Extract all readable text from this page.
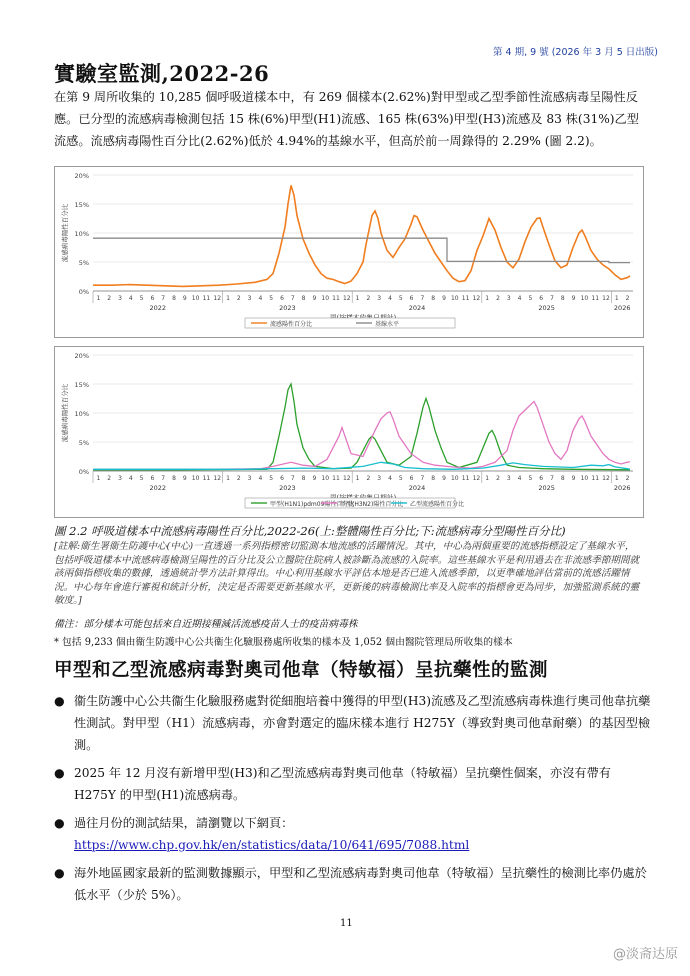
第 4 期, 9 號 (2026 年 3 月 5 日出版)
實驗室監測,2022-26
在第 9 周所收集的 10,285 個呼吸道樣本中，有 269 個樣本(2.62%)對甲型或乙型季節性流感病毒呈陽性反應。已分型的流感病毒檢測包括 15 株(6%)甲型(H1)流感、165 株(63%)甲型(H3)流感及 83 株(31%)乙型流感。流感病毒陽性百分比(2.62%)低於 4.94%的基線水平，但高於前一周錄得的 2.29% (圖 2.2)。
0%
5%
10%
15%
20%
流感病毒陽性百分比
1 2 3 4 5 6 7 8 9 10 11 12 1 2 3 4 5 6 7 8 9 10 11 12 1 2 3 4 5 6 7 8 9 10 11 12 1 2 3 4 5 6 7 8 9 10 11 12 1 2
2022	2023	2024	2025	2026
流感陽性百分比	基線水平
0%
5%
10%
15%
20%
流感病毒陽性百分比
1 2 3 4 5 6 7 8 9 10 11 12 1 2 3 4 5 6 7 8 9 10 11 12 1 2 3 4 5 6 7 8 9 10 11 12 1 2 3 4 5 6 7 8 9 10 11 12 1 2
2022	2023	2024	2025	2026
甲型(H1N1)pdm09陽性百分比
甲型(H3N2)陽性百分比 乙型流感陽性百分比
圖 2.2 呼吸道樣本中流感病毒陽性百分比,2022-26(上:整體陽性百分比;下:流感病毒分型陽性百分比)
[註解:衞生署衞生防護中心(中心)一直透過一系列指標密切監測本地流感的活躍情況。其中，中心為兩個重要的流感指標設定了基線水平，包括呼吸道樣本中流感病毒檢測呈陽性的百分比及公立醫院住院病人被診斷為流感的入院率。這些基線水平是利用過去在非流感季節期間就該兩個指標收集的數據，透過統計學方法計算得出。中心利用基線水平評估本地是否已進入流感季節，以更準確地評估當前的流感活躍情況。中心每年會進行審視和統計分析，決定是否需要更新基線水平，更新後的病毒檢測比率及入院率的指標會更為同步，加強監測系統的靈敏度。]
備注：部分樣本可能包括來自近期接種減活流感疫苗人士的疫苗病毒株
* 包括 9,233 個由衞生防護中心公共衞生化驗服務處所收集的樣本及 1,052 個由醫院管理局所收集的樣本
甲型和乙型流感病毒對奧司他韋（特敏福）呈抗藥性的監測
● 衞生防護中心公共衞生化驗服務處對從細胞培養中獲得的甲型(H3)流感及乙型流感病毒株進行奧司他韋抗藥性測試。對甲型（H1）流感病毒，亦會對選定的臨床樣本進行 H275Y（導致對奧司他韋耐藥）的基因型檢測。
● 2025 年 12 月沒有新增甲型(H3)和乙型流感病毒對奧司他韋（特敏福）呈抗藥性個案，亦沒有帶有 H275Y 的甲型(H1)流感病毒。
● 過往月份的測試結果，請瀏覽以下網頁：
https://www.chp.gov.hk/en/statistics/data/10/641/695/7088.html
● 海外地區國家最新的監測數據顯示，甲型和乙型流感病毒對奧司他韋（特敏福）呈抗藥性的檢測比率仍處於低水平（少於 5%）。
11
@淡斋达原
